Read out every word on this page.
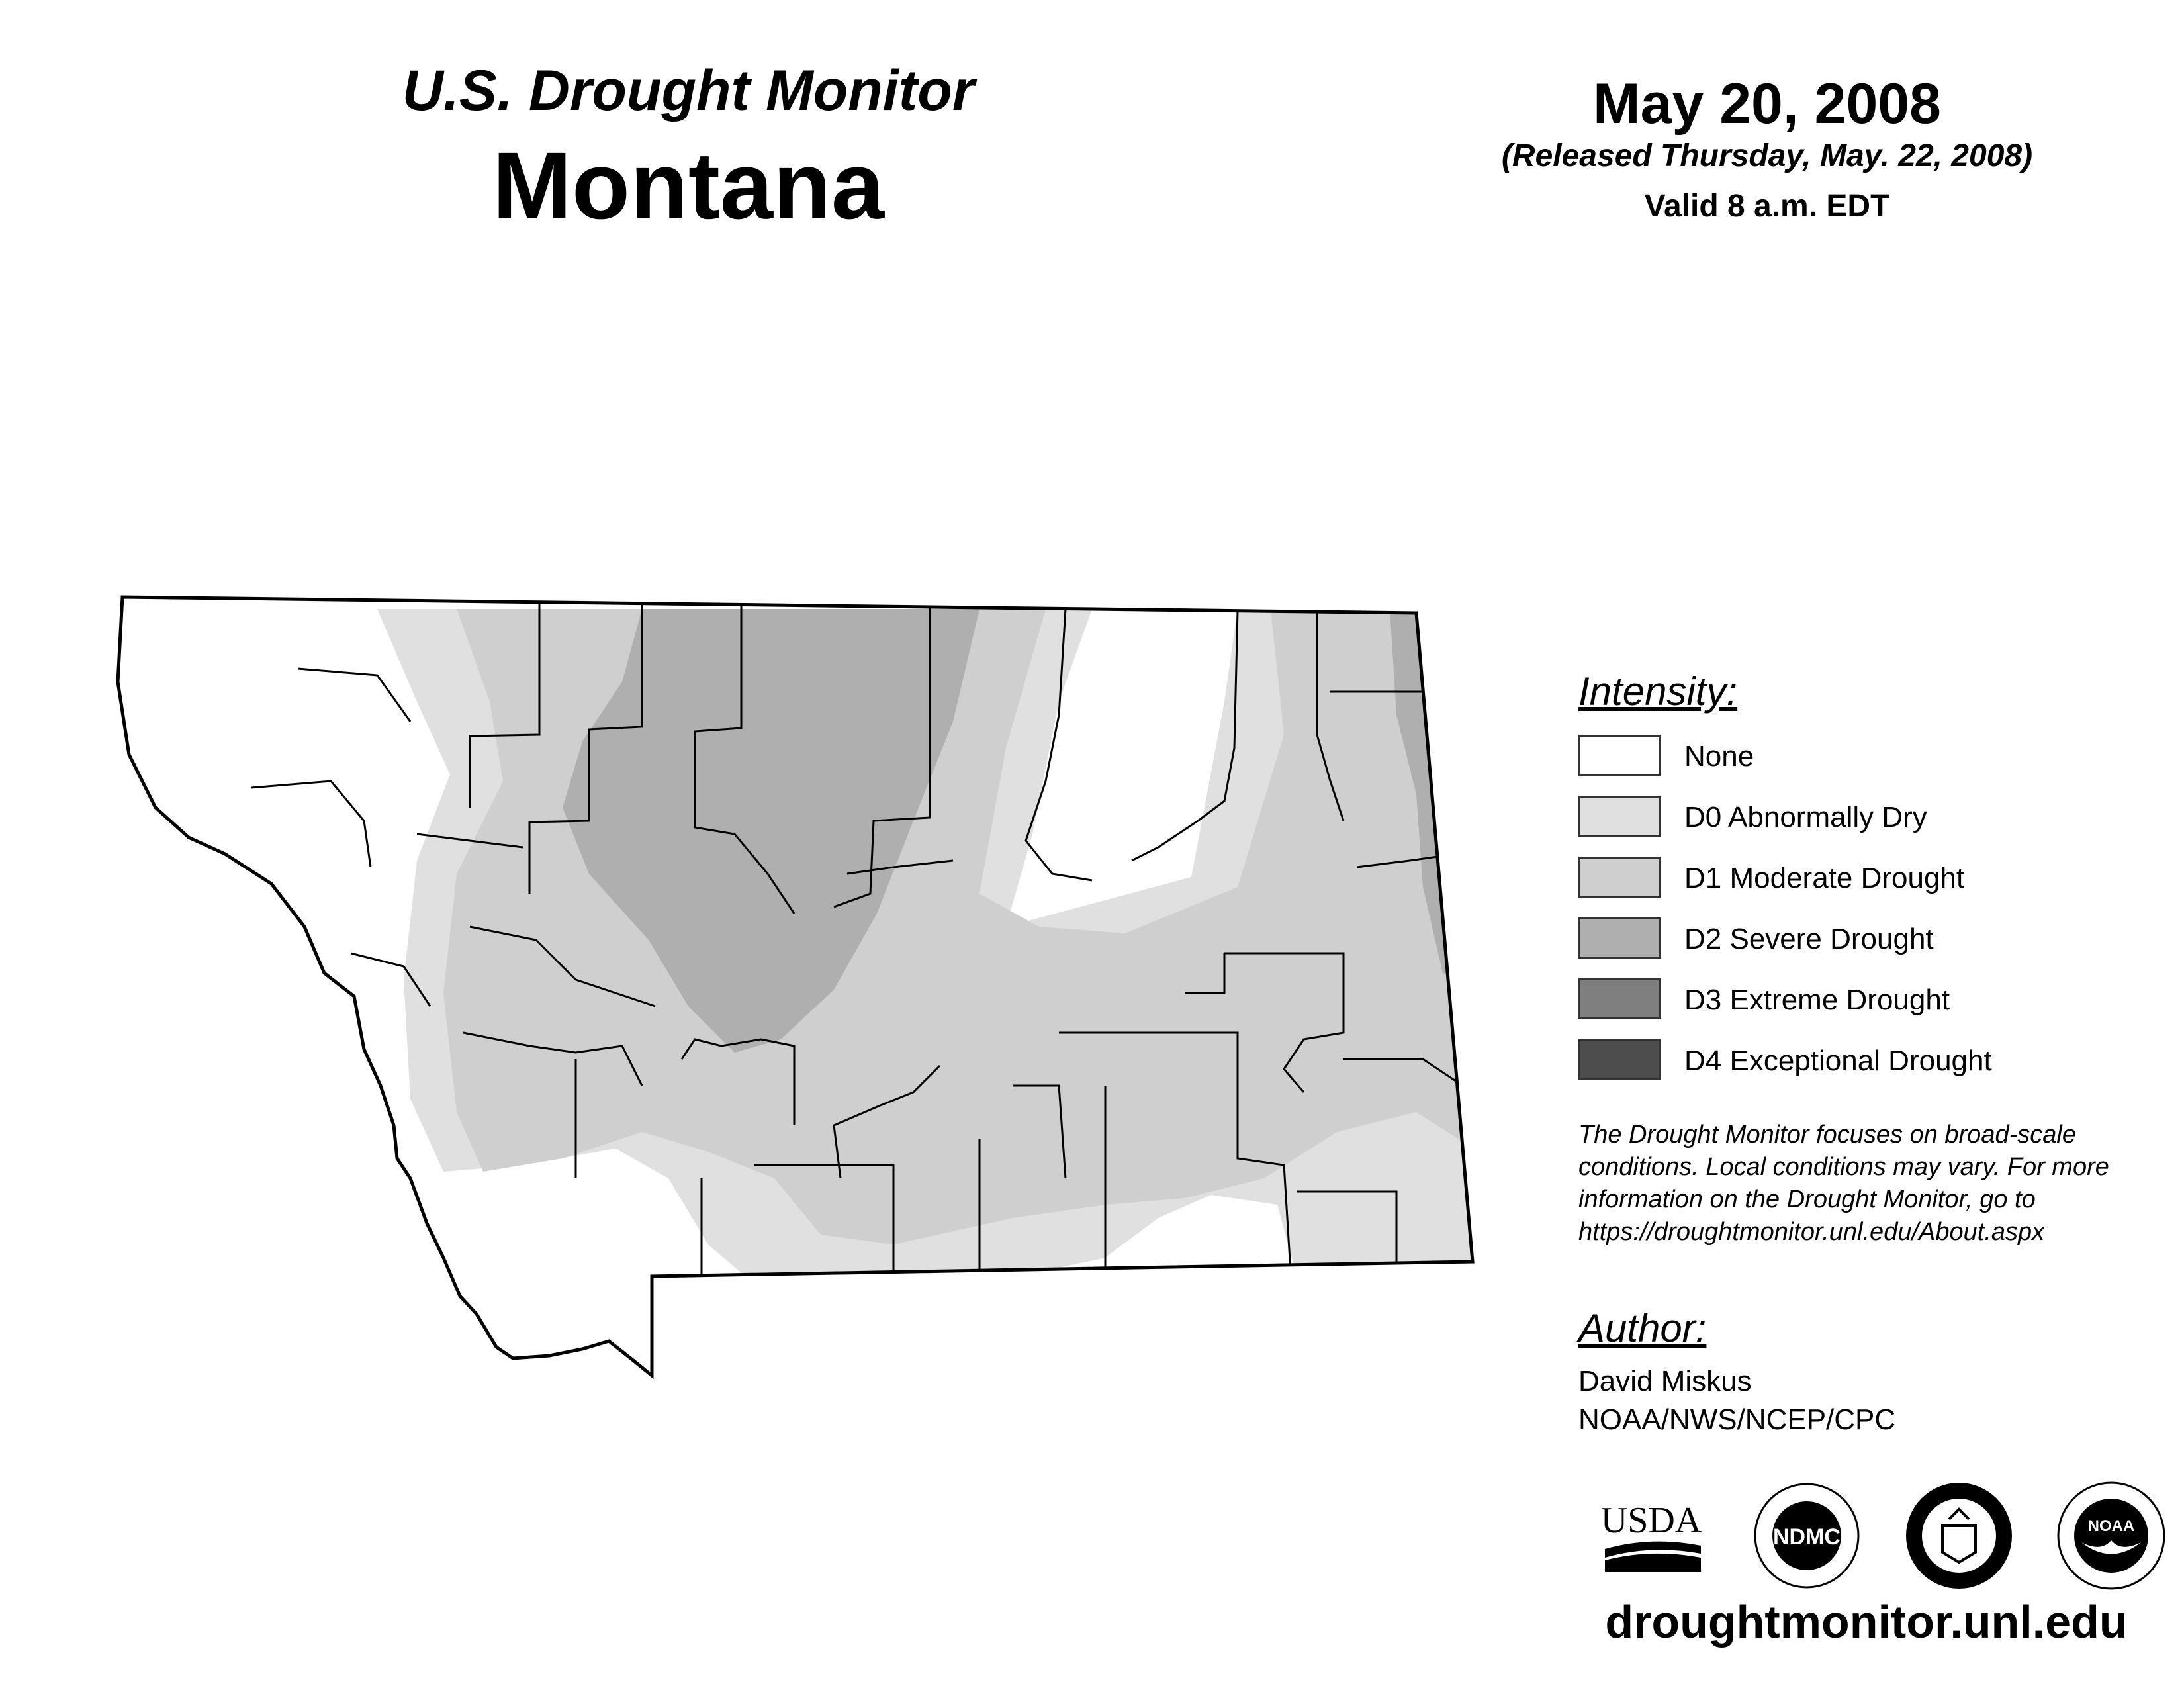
U.S. Drought Monitor
Montana
May 20, 2008
(Released Thursday, May. 22, 2008)
Valid 8 a.m. EDT
Intensity:
None
D0 Abnormally Dry
D1 Moderate Drought
D2 Severe Drought
D3 Extreme Drought
D4 Exceptional Drought
The Drought Monitor focuses on broad-scale conditions. Local conditions may vary. For more information on the Drought Monitor, go to https://droughtmonitor.unl.edu/About.aspx
Author:
David Miskus
NOAA/NWS/NCEP/CPC
USDA	NDMC	NOAA
droughtmonitor.unl.edu
